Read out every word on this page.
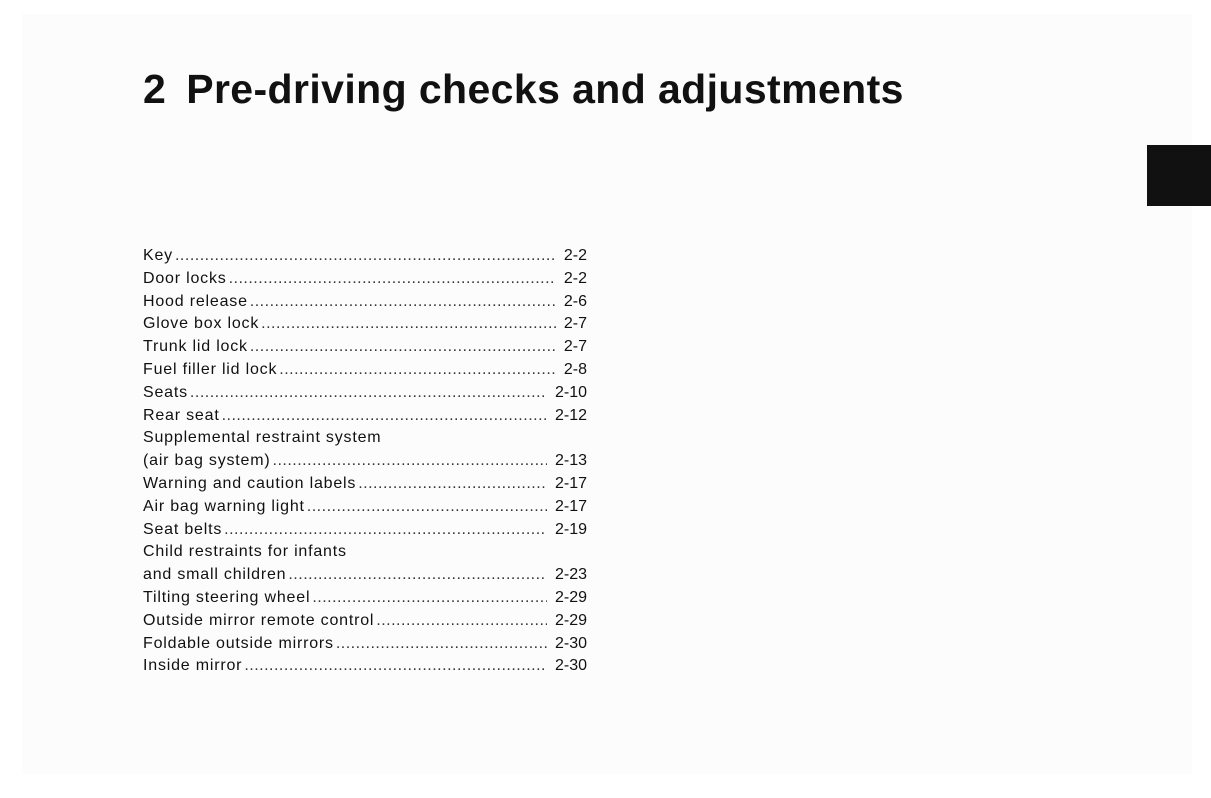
2 Pre-driving checks and adjustments
Key .....	2-2
Door locks .....	2-2
Hood release .....	2-6
Glove box lock .....	2-7
Trunk lid lock .....	2-7
Fuel filler lid lock .....	2-8
Seats .....	2-10
Rear seat .....	2-12
Supplemental restraint system
(air bag system) .....	2-13
Warning and caution labels .....	2-17
Air bag warning light .....	2-17
Seat belts .....	2-19
Child restraints for infants
and small children .....	2-23
Tilting steering wheel .....	2-29
Outside mirror remote control .....	2-29
Foldable outside mirrors .....	2-30
Inside mirror .....	2-30
